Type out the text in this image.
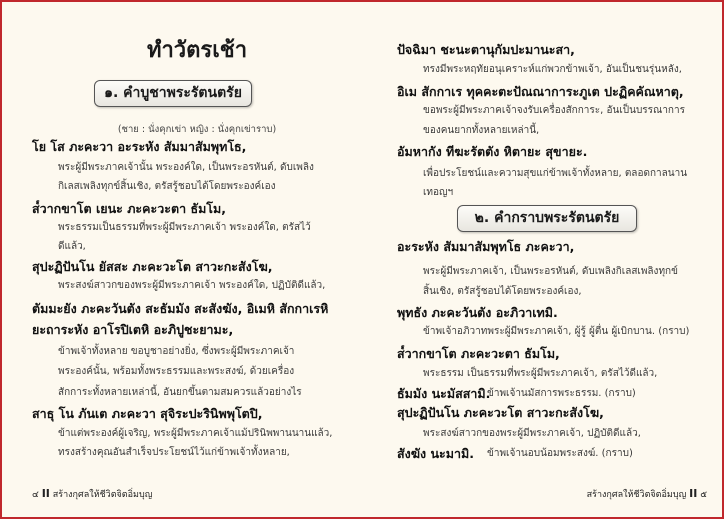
ทำวัตรเช้า
๑. คำบูชาพระรัตนตรัย
(ชาย : นั่งคุกเข่า หญิง : นั่งคุกเข่าราบ)
โย โส ภะคะวา อะระหัง สัมมาสัมพุทโธ,
พระผู้มีพระภาคเจ้านั้น พระองค์ใด, เป็นพระอรหันต์, ดับเพลิง
กิเลสเพลิงทุกข์สิ้นเชิง, ตรัสรู้ชอบได้โดยพระองค์เอง
ส๎วากขาโต เยนะ ภะคะวะตา ธัมโม,
พระธรรมเป็นธรรมที่พระผู้มีพระภาคเจ้า พระองค์ใด, ตรัสไว้
ดีแล้ว,
สุปะฏิปันโน ยัสสะ ภะคะวะโต สาวะกะสังโฆ,
พระสงฆ์สาวกของพระผู้มีพระภาคเจ้า พระองค์ใด, ปฏิบัติดีแล้ว,
ตัมมะยัง ภะคะวันตัง สะธัมมัง สะสังฆัง, อิเมหิ สักกาเรหิ
ยะถาระหัง อาโรปิเตหิ อะภิปูชะยามะ,
ข้าพเจ้าทั้งหลาย ขอบูชาอย่างยิ่ง, ซึ่งพระผู้มีพระภาคเจ้า
พระองค์นั้น, พร้อมทั้งพระธรรมและพระสงฆ์, ด้วยเครื่อง
สักการะทั้งหลายเหล่านี้, อันยกขึ้นตามสมควรแล้วอย่างไร
สาธุ โน ภันเต ภะคะวา สุจิระปะรินิพพุโตปิ,
ข้าแต่พระองค์ผู้เจริญ, พระผู้มีพระภาคเจ้าแม้ปรินิพพานนานแล้ว,
ทรงสร้างคุณอันสำเร็จประโยชน์ไว้แก่ข้าพเจ้าทั้งหลาย,
๔ II สร้างกุศลให้ชีวิตจิตอิ่มบุญ
ปัจฉิมา ชะนะตานุกัมปะมานะสา,
ทรงมีพระหฤทัยอนุเคราะห์แก่พวกข้าพเจ้า, อันเป็นชนรุ่นหลัง,
อิเม สักกาเร ทุคคะตะปัณณาการะภูเต ปะฏิคคัณหาตุ,
ขอพระผู้มีพระภาคเจ้าจงรับเครื่องสักการะ, อันเป็นบรรณาการ
ของคนยากทั้งหลายเหล่านี้,
อัมหากัง ทีฆะรัตตัง หิตายะ สุขายะ.
เพื่อประโยชน์และความสุขแก่ข้าพเจ้าทั้งหลาย, ตลอดกาลนาน
เทอญฯ
๒. คำกราบพระรัตนตรัย
อะระหัง สัมมาสัมพุทโธ ภะคะวา,
พระผู้มีพระภาคเจ้า, เป็นพระอรหันต์, ดับเพลิงกิเลสเพลิงทุกข์
สิ้นเชิง, ตรัสรู้ชอบได้โดยพระองค์เอง,
พุทธัง ภะคะวันตัง อะภิวาเทมิ.
ข้าพเจ้าอภิวาทพระผู้มีพระภาคเจ้า, ผู้รู้ ผู้ตื่น ผู้เบิกบาน. (กราบ)
ส๎วากขาโต ภะคะวะตา ธัมโม,
พระธรรม เป็นธรรมที่พระผู้มีพระภาคเจ้า, ตรัสไว้ดีแล้ว,
ธัมมัง นะมัสสามิ.
ข้าพเจ้านมัสการพระธรรม. (กราบ)
สุปะฏิปันโน ภะคะวะโต สาวะกะสังโฆ,
พระสงฆ์สาวกของพระผู้มีพระภาคเจ้า, ปฏิบัติดีแล้ว,
สังฆัง นะมามิ. ข้าพเจ้านอบน้อมพระสงฆ์. (กราบ)
สร้างกุศลให้ชีวิตจิตอิ่มบุญ II ๕
